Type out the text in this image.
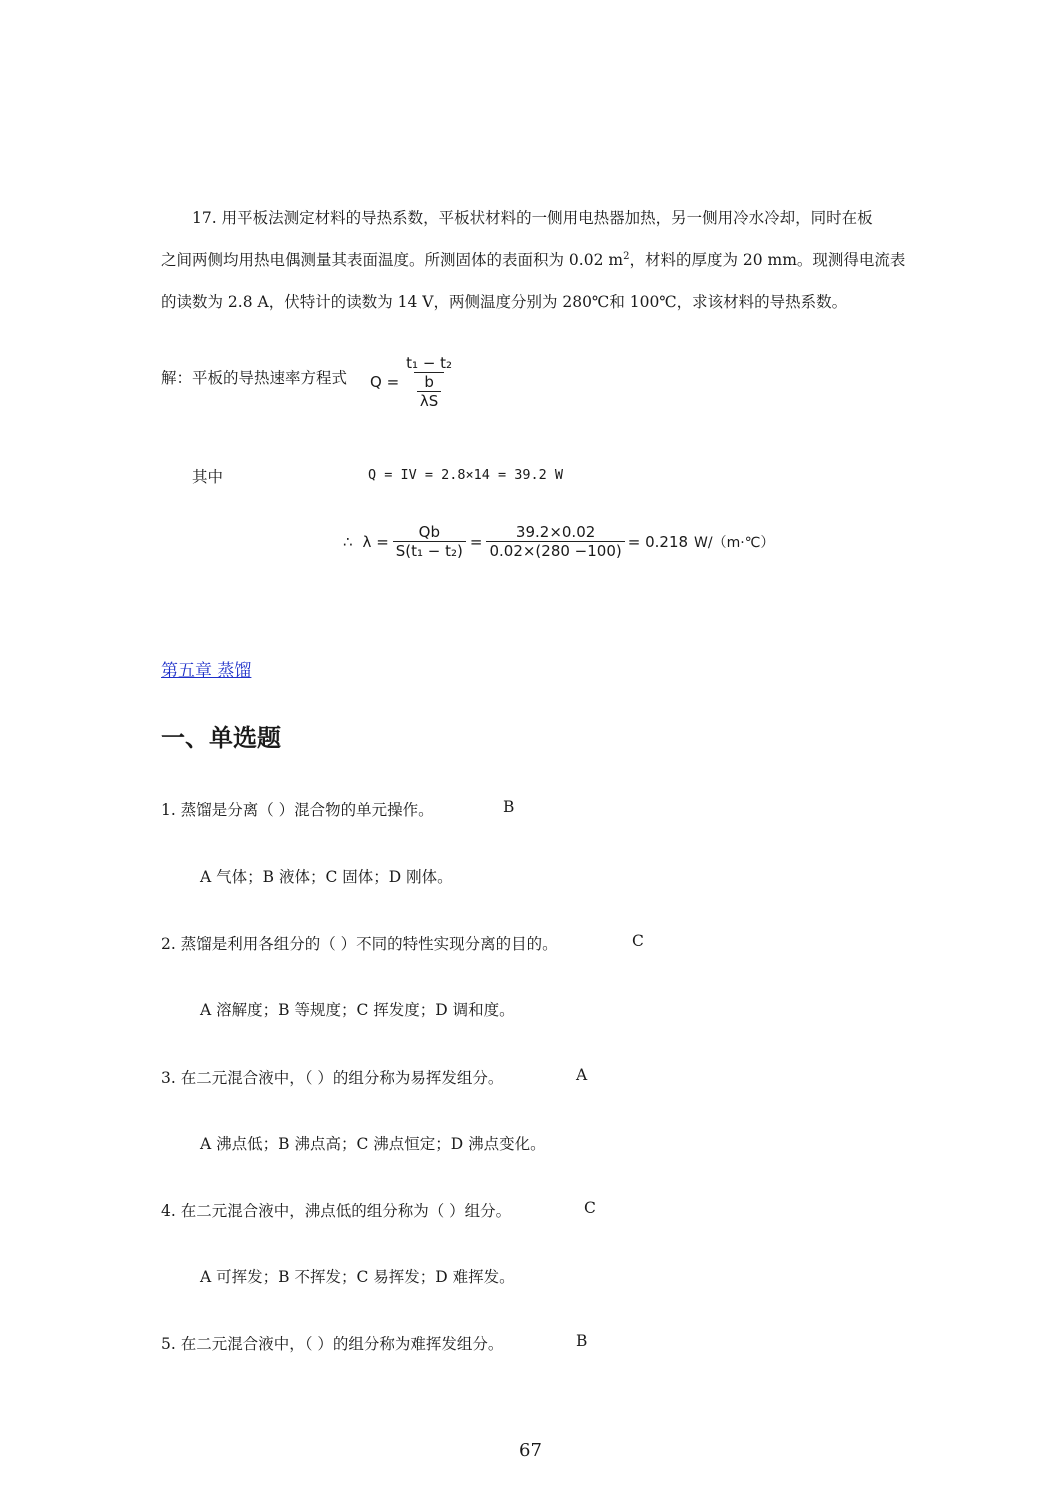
17. 用平板法测定材料的导热系数，平板状材料的一侧用电热器加热，另一侧用冷水冷却，同时在板
之间两侧均用热电偶测量其表面温度。所测固体的表面积为 0.02 $m^2$，材料的厚度为 20 mm。现测得电流表
的读数为 2.8 A，伏特计的读数为 14 V，两侧温度分别为 280℃和 100℃，求该材料的导热系数。
解：平板的导热速率方程式 $Q = \frac{\text{t₁ − t₂}}{\frac{b}{\lambda S}}$
其中	Q = IV = 2.8×14 = 39.2 W
∴ $\lambda = \frac{Qb}{\text{S(t₁ − t₂)}} = \frac{39.2\times 0.02}{0.02\times(280 -100)} = 0.218$ W/（m·℃）
第五章 蒸馏
一、单选题
1. 蒸馏是分离（ ）混合物的单元操作。	B
A 气体；B 液体；C 固体；D 刚体。
2. 蒸馏是利用各组分的（ ）不同的特性实现分离的目的。	C
A 溶解度；B 等规度；C 挥发度；D 调和度。
3. 在二元混合液中，（ ）的组分称为易挥发组分。	A
A 沸点低；B 沸点高；C 沸点恒定；D 沸点变化。
4. 在二元混合液中，沸点低的组分称为（ ）组分。	C
A 可挥发；B 不挥发；C 易挥发；D 难挥发。
5. 在二元混合液中，（ ）的组分称为难挥发组分。	B
67
